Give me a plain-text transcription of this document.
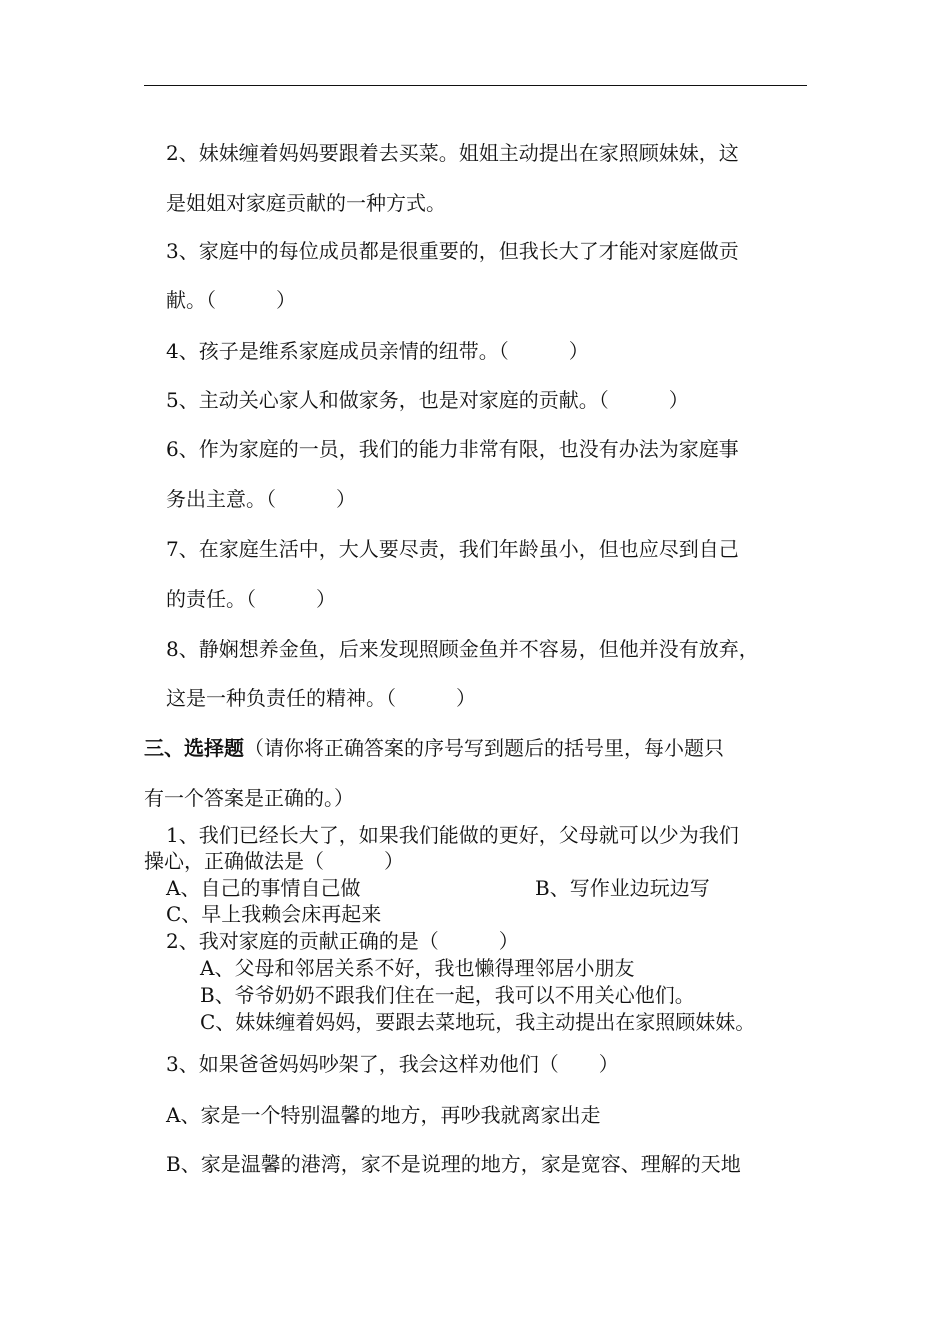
2、妹妹缠着妈妈要跟着去买菜。姐姐主动提出在家照顾妹妹，这
是姐姐对家庭贡献的一种方式。
3、家庭中的每位成员都是很重要的，但我长大了才能对家庭做贡
献。（　　　）
4、孩子是维系家庭成员亲情的纽带。（　　　）
5、主动关心家人和做家务，也是对家庭的贡献。（　　　）
6、作为家庭的一员，我们的能力非常有限，也没有办法为家庭事
务出主意。（　　　）
7、在家庭生活中，大人要尽责，我们年龄虽小，但也应尽到自己
的责任。（　　　）
8、静娴想养金鱼，后来发现照顾金鱼并不容易，但他并没有放弃，
这是一种负责任的精神。（　　　）
三、选择题（请你将正确答案的序号写到题后的括号里，每小题只
有一个答案是正确的。）
1、我们已经长大了，如果我们能做的更好，父母就可以少为我们
操心，正确做法是（　　　）
A、自己的事情自己做	B、写作业边玩边写
C、早上我赖会床再起来
2、我对家庭的贡献正确的是（　　　）
A、父母和邻居关系不好，我也懒得理邻居小朋友
B、爷爷奶奶不跟我们住在一起，我可以不用关心他们。
C、妹妹缠着妈妈，要跟去菜地玩，我主动提出在家照顾妹妹。
3、如果爸爸妈妈吵架了，我会这样劝他们（　　）
A、家是一个特别温馨的地方，再吵我就离家出走
B、家是温馨的港湾，家不是说理的地方，家是宽容、理解的天地
